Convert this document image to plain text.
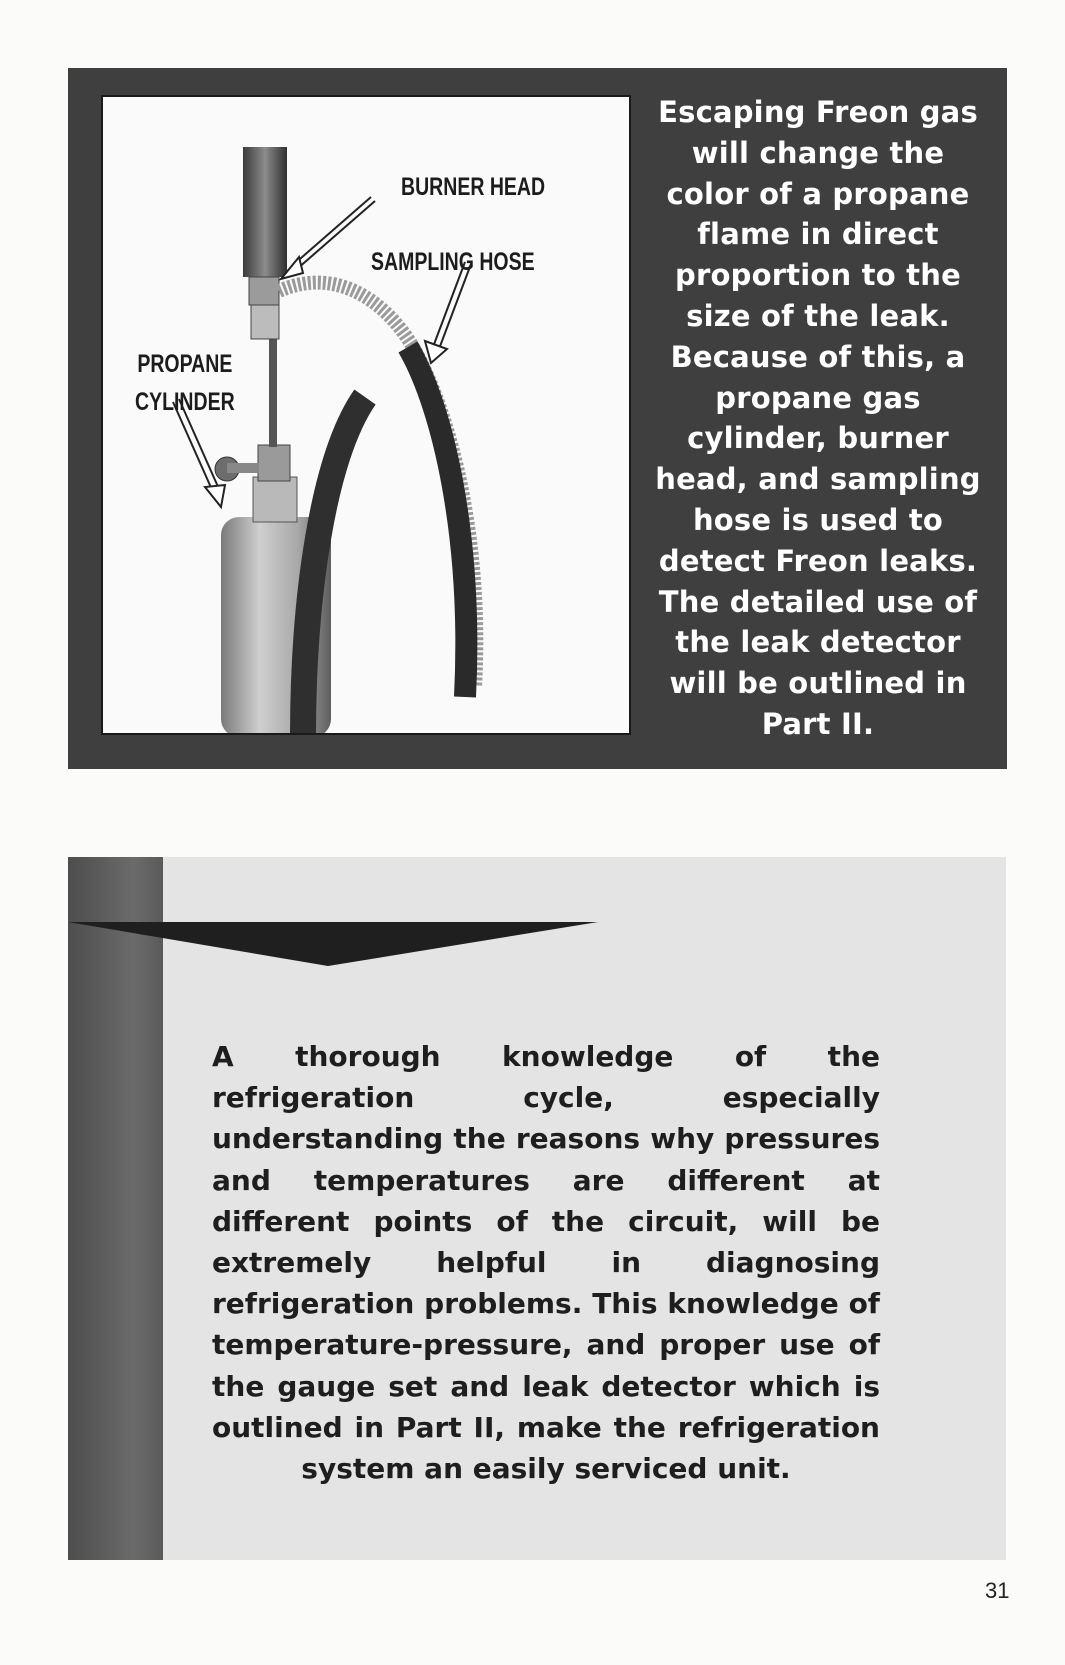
BURNER HEAD
SAMPLING HOSE
PROPANE
CYLINDER
Escaping Freon gas will change the color of a propane flame in direct proportion to the size of the leak. Because of this, a propane gas cylinder, burner head, and sampling hose is used to detect Freon leaks. The detailed use of the leak detector will be outlined in Part II.
A thorough knowledge of the refrigeration cycle, especially understanding the reasons why pressures and temperatures are different at different points of the circuit, will be extremely helpful in diagnosing refrigeration problems. This knowledge of temperature-pressure, and proper use of the gauge set and leak detector which is outlined in Part II, make the refrigeration system an easily serviced unit.
31
